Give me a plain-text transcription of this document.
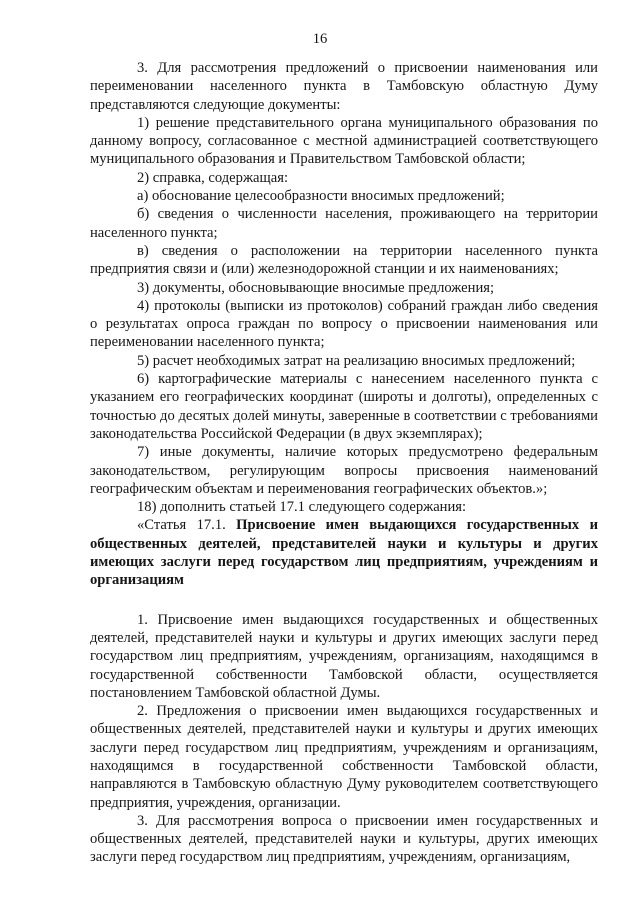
16

3. Для рассмотрения предложений о присвоении наименования или переименовании населенного пункта в Тамбовскую областную Думу представляются следующие документы:

1) решение представительного органа муниципального образования по данному вопросу, согласованное с местной администрацией соответствующего муниципального образования и Правительством Тамбовской области;

2) справка, содержащая:

а) обоснование целесообразности вносимых предложений;

б) сведения о численности населения, проживающего на территории населенного пункта;

в) сведения о расположении на территории населенного пункта предприятия связи и (или) железнодорожной станции и их наименованиях;

3) документы, обосновывающие вносимые предложения;

4) протоколы (выписки из протоколов) собраний граждан либо сведения о результатах опроса граждан по вопросу о присвоении наименования или переименовании населенного пункта;

5) расчет необходимых затрат на реализацию вносимых предложений;

6) картографические материалы с нанесением населенного пункта с указанием его географических координат (широты и долготы), определенных с точностью до десятых долей минуты, заверенные в соответствии с требованиями законодательства Российской Федерации (в двух экземплярах);

7) иные документы, наличие которых предусмотрено федеральным законодательством, регулирующим вопросы присвоения наименований географическим объектам и переименования географических объектов.»;

18) дополнить статьей 17.1 следующего содержания:

«Статья 17.1. Присвоение имен выдающихся государственных и общественных деятелей, представителей науки и культуры и других имеющих заслуги перед государством лиц предприятиям, учреждениям и организациям

1. Присвоение имен выдающихся государственных и общественных деятелей, представителей науки и культуры и других имеющих заслуги перед государством лиц предприятиям, учреждениям, организациям, находящимся в государственной собственности Тамбовской области, осуществляется постановлением Тамбовской областной Думы.

2. Предложения о присвоении имен выдающихся государственных и общественных деятелей, представителей науки и культуры и других имеющих заслуги перед государством лиц предприятиям, учреждениям и организациям, находящимся в государственной собственности Тамбовской области, направляются в Тамбовскую областную Думу руководителем соответствующего предприятия, учреждения, организации.

3. Для рассмотрения вопроса о присвоении имен государственных и общественных деятелей, представителей науки и культуры, других имеющих заслуги перед государством лиц предприятиям, учреждениям, организациям,
